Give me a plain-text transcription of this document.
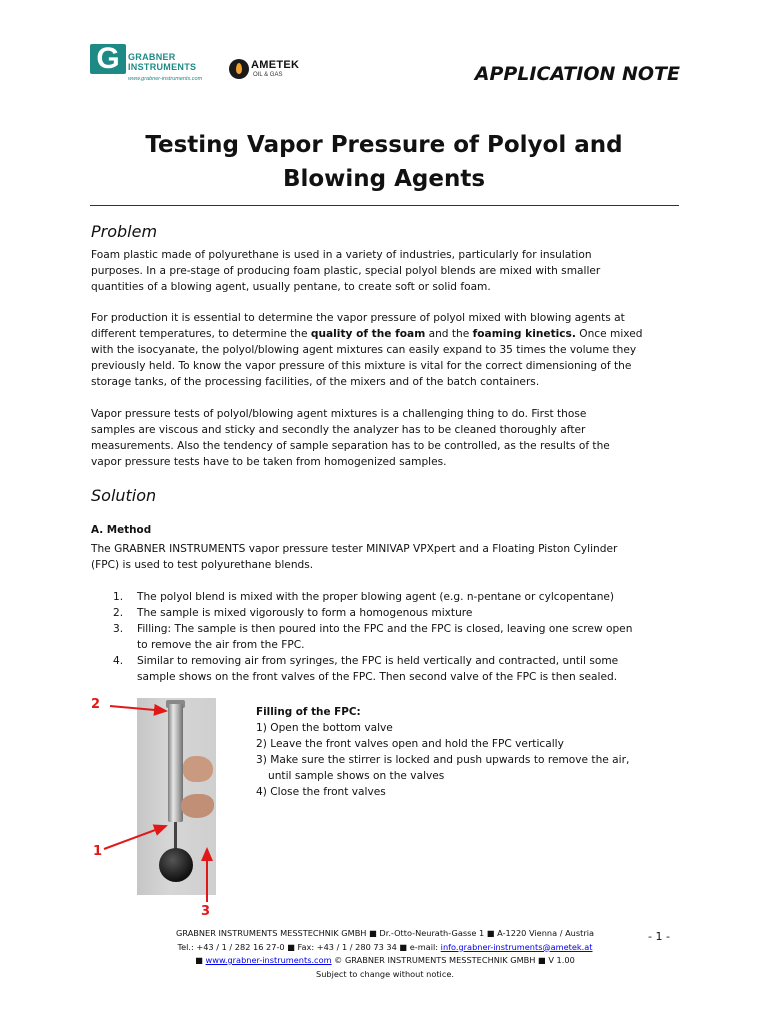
G GRABNER
INSTRUMENTS
www.grabner-instruments.com
AMETEK
OIL & GAS	APPLICATION NOTE
Testing Vapor Pressure of Polyol and
Blowing Agents
Problem
Foam plastic made of polyurethane is used in a variety of industries, particularly for insulation
purposes. In a pre-stage of producing foam plastic, special polyol blends are mixed with smaller
quantities of a blowing agent, usually pentane, to create soft or solid foam.
For production it is essential to determine the vapor pressure of polyol mixed with blowing agents at
different temperatures, to determine the quality of the foam and the foaming kinetics. Once mixed
with the isocyanate, the polyol/blowing agent mixtures can easily expand to 35 times the volume they
previously held. To know the vapor pressure of this mixture is vital for the correct dimensioning of the
storage tanks, of the processing facilities, of the mixers and of the batch containers.
Vapor pressure tests of polyol/blowing agent mixtures is a challenging thing to do. First those
samples are viscous and sticky and secondly the analyzer has to be cleaned thoroughly after
measurements. Also the tendency of sample separation has to be controlled, as the results of the
vapor pressure tests have to be taken from homogenized samples.
Solution
A. Method
The GRABNER INSTRUMENTS vapor pressure tester MINIVAP VPXpert and a Floating Piston Cylinder
(FPC) is used to test polyurethane blends.
1. The polyol blend is mixed with the proper blowing agent (e.g. n-pentane or cylcopentane)
2. The sample is mixed vigorously to form a homogenous mixture
3. Filling: The sample is then poured into the FPC and the FPC is closed, leaving one screw open
to remove the air from the FPC.
4. Similar to removing air from syringes, the FPC is held vertically and contracted, until some
sample shows on the front valves of the FPC. Then second valve of the FPC is then sealed.
2
1
3
Filling of the FPC:
1) Open the bottom valve
2) Leave the front valves open and hold the FPC vertically
3) Make sure the stirrer is locked and push upwards to remove the air,
until sample shows on the valves
4) Close the front valves
GRABNER INSTRUMENTS MESSTECHNIK GMBH ■ Dr.-Otto-Neurath-Gasse 1 ■ A-1220 Vienna / Austria
Tel.: +43 / 1 / 282 16 27-0 ■ Fax: +43 / 1 / 280 73 34 ■ e-mail: info.grabner-instruments@ametek.at
■ www.grabner-instruments.com © GRABNER INSTRUMENTS MESSTECHNIK GMBH ■ V 1.00
Subject to change without notice.
- 1 -
